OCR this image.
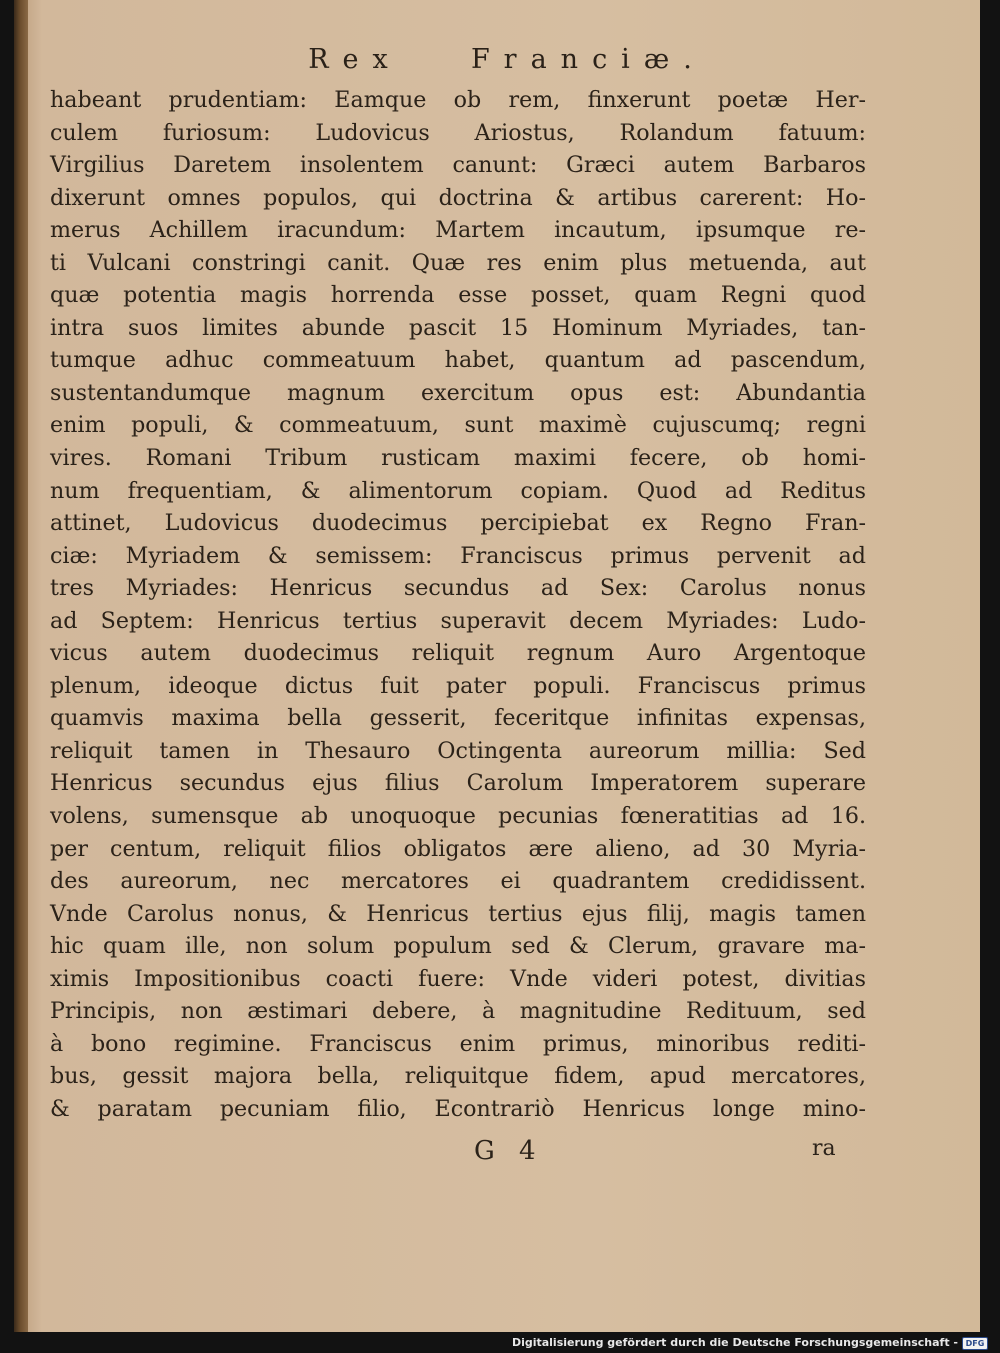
Rex	Franciæ.
habeant prudentiam: Eamque ob rem, finxerunt poetæ Her-
culem furiosum: Ludovicus Ariostus, Rolandum fatuum:
Virgilius Daretem insolentem canunt: Græci autem Barbaros
dixerunt omnes populos, qui doctrina & artibus carerent: Ho-
merus Achillem iracundum: Martem incautum, ipsumque re-
ti Vulcani constringi canit. Quæ res enim plus metuenda, aut
quæ potentia magis horrenda esse posset, quam Regni quod
intra suos limites abunde pascit 15 Hominum Myriades, tan-
tumque adhuc commeatuum habet, quantum ad pascendum,
sustentandumque magnum exercitum opus est: Abundantia
enim populi, & commeatuum, sunt maximè cujuscumq; regni
vires. Romani Tribum rusticam maximi fecere, ob homi-
num frequentiam, & alimentorum copiam. Quod ad Reditus
attinet, Ludovicus duodecimus percipiebat ex Regno Fran-
ciæ: Myriadem & semissem: Franciscus primus pervenit ad
tres Myriades: Henricus secundus ad Sex: Carolus nonus
ad Septem: Henricus tertius superavit decem Myriades: Ludo-
vicus autem duodecimus reliquit regnum Auro Argentoque
plenum, ideoque dictus fuit pater populi. Franciscus primus
quamvis maxima bella gesserit, feceritque infinitas expensas,
reliquit tamen in Thesauro Octingenta aureorum millia: Sed
Henricus secundus ejus filius Carolum Imperatorem superare
volens, sumensque ab unoquoque pecunias fœneratitias ad 16.
per centum, reliquit filios obligatos ære alieno, ad 30 Myria-
des aureorum, nec mercatores ei quadrantem credidissent.
Vnde Carolus nonus, & Henricus tertius ejus filij, magis tamen
hic quam ille, non solum populum sed & Clerum, gravare ma-
ximis Impositionibus coacti fuere: Vnde videri potest, divitias
Principis, non æstimari debere, à magnitudine Redituum, sed
à bono regimine. Franciscus enim primus, minoribus rediti-
bus, gessit majora bella, reliquitque fidem, apud mercatores,
& paratam pecuniam filio, Econtrariò Henricus longe mino-
G 4	ra
Digitalisierung gefördert durch die Deutsche Forschungsgemeinschaft - DFG
